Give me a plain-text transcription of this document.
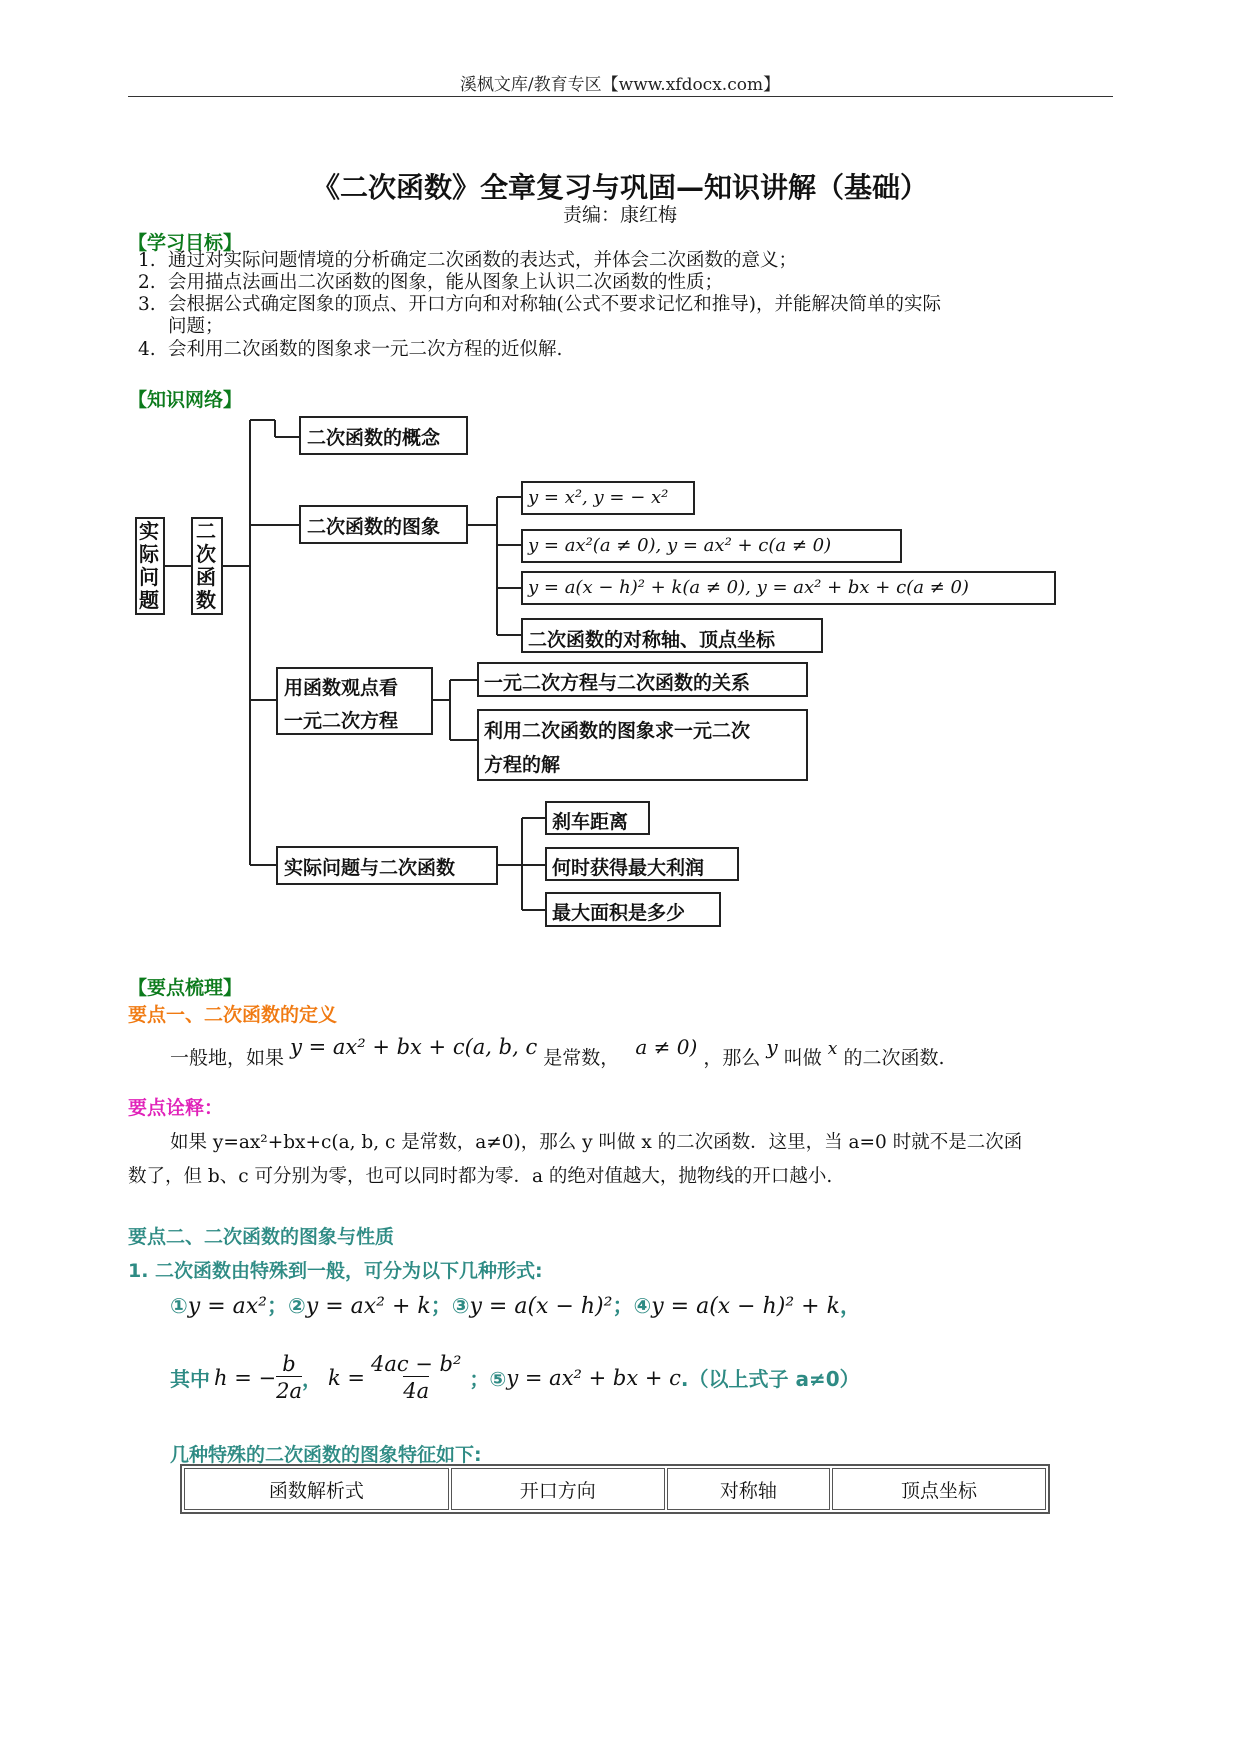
溪枫文库/教育专区【www.xfdocx.com】
《二次函数》全章复习与巩固—知识讲解（基础）
责编：康红梅
【学习目标】
1. 通过对实际问题情境的分析确定二次函数的表达式，并体会二次函数的意义；
2. 会用描点法画出二次函数的图象，能从图象上认识二次函数的性质；
3. 会根据公式确定图象的顶点、开口方向和对称轴(公式不要求记忆和推导)，并能解决简单的实际
问题；
4. 会利用二次函数的图象求一元二次方程的近似解.
【知识网络】
实际问题
二次函数
二次函数的概念
二次函数的图象
用函数观点看
一元二次方程
实际问题与二次函数
y = x², y = − x²
y = ax²(a ≠ 0), y = ax² + c(a ≠ 0)
y = a(x − h)² + k(a ≠ 0), y = ax² + bx + c(a ≠ 0)
二次函数的对称轴、顶点坐标
一元二次方程与二次函数的关系
利用二次函数的图象求一元二次
方程的解
刹车距离
何时获得最大利润
最大面积是多少
【要点梳理】
要点一、二次函数的定义
一般地，如果 y = ax² + bx + c(a, b, c 是常数， a ≠ 0) ，那么 y 叫做 x 的二次函数.
要点诠释：
如果 y=ax²+bx+c(a, b, c 是常数，a≠0)，那么 y 叫做 x 的二次函数．这里，当 a=0 时就不是二次函
数了，但 b、c 可分别为零，也可以同时都为零．a 的绝对值越大，抛物线的开口越小.
要点二、二次函数的图象与性质
1. 二次函数由特殊到一般，可分为以下几种形式:
①y = ax²；②y = ax² + k；③y = a(x − h)²；④y = a(x − h)² + k，
其中 h = − $\frac{b}{2a}$ ， $k = \frac{\text{4ac − b²}}{4a}$ ；⑤ y = ax² + bx + c .（以上式子 a≠0）
几种特殊的二次函数的图象特征如下:
函数解析式	开口方向	对称轴	顶点坐标
